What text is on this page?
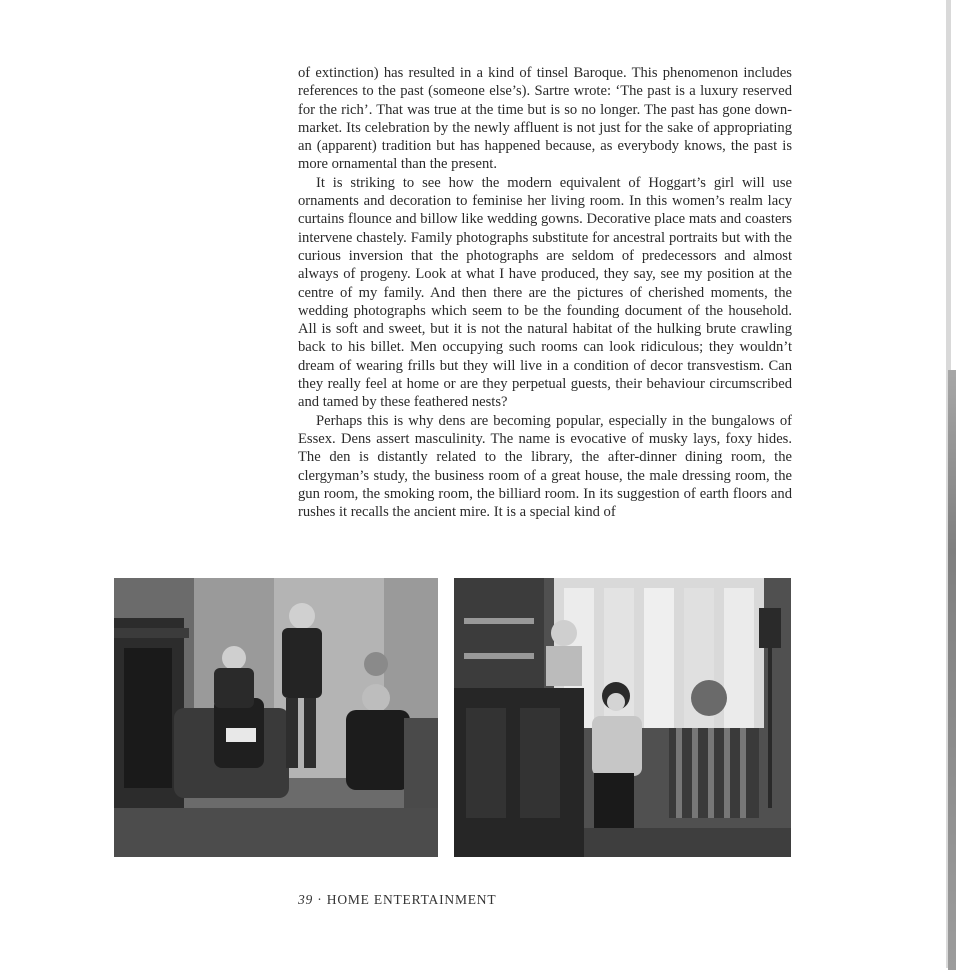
of extinction) has resulted in a kind of tinsel Baroque. This phenomenon includes references to the past (someone else’s). Sartre wrote: ‘The past is a luxury reserved for the rich’. That was true at the time but is so no longer. The past has gone down-market. Its celebration by the newly affluent is not just for the sake of appropriating an (apparent) tradition but has happened because, as everybody knows, the past is more ornamental than the present.

It is striking to see how the modern equivalent of Hoggart’s girl will use ornaments and decoration to feminise her living room. In this women’s realm lacy curtains flounce and billow like wedding gowns. Decorative place mats and coasters intervene chastely. Family photographs substitute for ancestral portraits but with the curious inversion that the photographs are seldom of predecessors and almost always of progeny. Look at what I have produced, they say, see my position at the centre of my family. And then there are the pictures of cherished moments, the wedding photographs which seem to be the founding document of the household. All is soft and sweet, but it is not the natural habitat of the hulking brute crawling back to his billet. Men occupying such rooms can look ridiculous; they wouldn’t dream of wearing frills but they will live in a condition of decor transvestism. Can they really feel at home or are they perpetual guests, their behaviour circumscribed and tamed by these feathered nests?

Perhaps this is why dens are becoming popular, especially in the bungalows of Essex. Dens assert masculinity. The name is evocative of musky lays, foxy hides. The den is distantly related to the library, the after-dinner dining room, the clergyman’s study, the business room of a great house, the male dressing room, the gun room, the smoking room, the billiard room. In its suggestion of earth floors and rushes it recalls the ancient mire. It is a special kind of

39 · HOME ENTERTAINMENT
